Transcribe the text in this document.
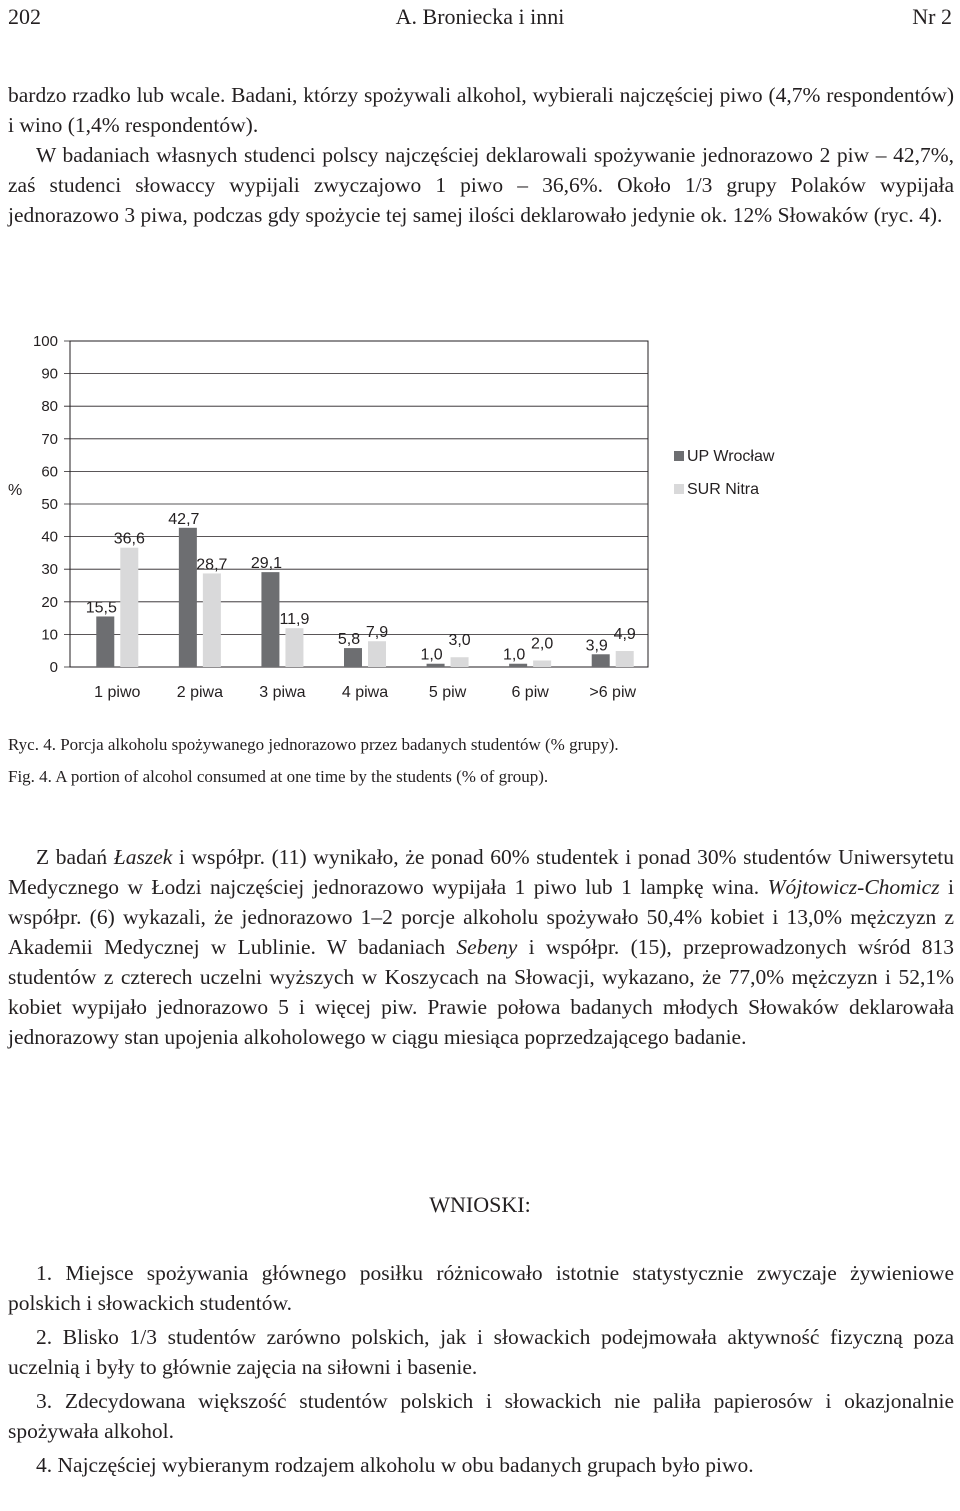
202	A. Broniecka i inni	Nr 2

bardzo rzadko lub wcale. Badani, którzy spożywali alkohol, wybierali najczęściej piwo (4,7% respondentów) i wino (1,4% respondentów).
W badaniach własnych studenci polscy najczęściej deklarowali spożywanie jednorazowo 2 piw – 42,7%, zaś studenci słowaccy wypijali zwyczajowo 1 piwo – 36,6%. Około 1/3 grupy Polaków wypijała jednorazowo 3 piwa, podczas gdy spożycie tej samej ilości deklarowało jedynie ok. 12% Słowaków (ryc. 4).

0
10
20
30
40
50
60
70
80
90
100
%
1 piwo 2 piwa 3 piwa 4 piwa	5 piw	6 piw	>6 piw
15,5
36,6
42,7
28,7 29,1
11,9
5,8 7,9
1,0
3,0
1,0
2,0 3,9
4,9
UP Wrocław
SUR Nitra

Ryc. 4. Porcja alkoholu spożywanego jednorazowo przez badanych studentów (% grupy).

Fig. 4. A portion of alcohol consumed at one time by the students (% of group).

Z badań Łaszek i współpr. (11) wynikało, że ponad 60% studentek i ponad 30% studentów Uniwersytetu Medycznego w Łodzi najczęściej jednorazowo wypijała 1 piwo lub 1 lampkę wina. Wójtowicz-Chomicz i współpr. (6) wykazali, że jednorazowo 1–2 porcje alkoholu spożywało 50,4% kobiet i 13,0% mężczyzn z Akademii Medycznej w Lublinie. W badaniach Sebeny i współpr. (15), przeprowadzonych wśród 813 studentów z czterech uczelni wyższych w Koszycach na Słowacji, wykazano, że 77,0% mężczyzn i 52,1% kobiet wypijało jednorazowo 5 i więcej piw. Prawie połowa badanych młodych Słowaków deklarowała jednorazowy stan upojenia alkoholowego w ciągu miesiąca poprzedzającego badanie.

WNIOSKI:

1. Miejsce spożywania głównego posiłku różnicowało istotnie statystycznie zwyczaje żywieniowe polskich i słowackich studentów.

2. Blisko 1/3 studentów zarówno polskich, jak i słowackich podejmowała aktywność fizyczną poza uczelnią i były to głównie zajęcia na siłowni i basenie.

3. Zdecydowana większość studentów polskich i słowackich nie paliła papierosów i okazjonalnie spożywała alkohol.

4. Najczęściej wybieranym rodzajem alkoholu w obu badanych grupach było piwo.
